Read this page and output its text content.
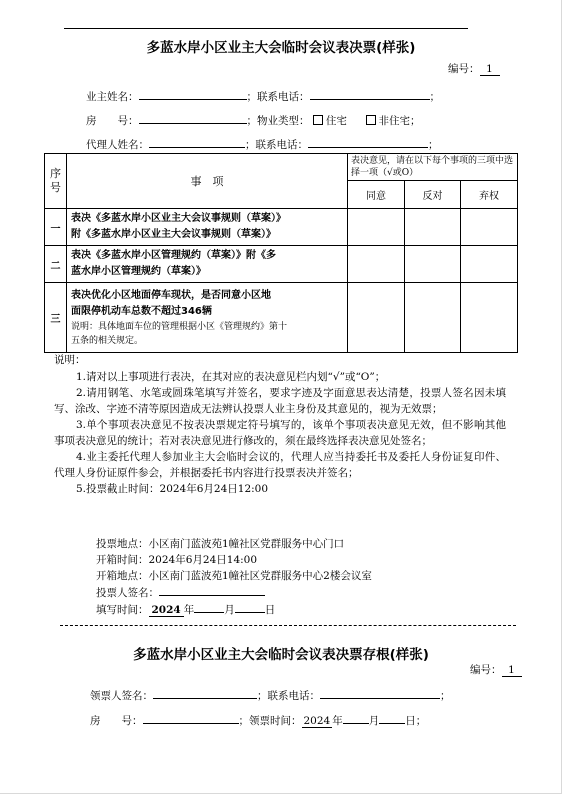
多蓝水岸小区业主大会临时会议表决票(样张)
编号： 1
业主姓名：	；联系电话：	；
房　　号：	；物业类型： 住宅	非住宅；
代理人姓名：	；联系电话：	；
序号	事　项	表决意见，请在以下每个事项的三项中选择一项（√或O）		
		同意	反对	弃权
一	表决《多蓝水岸小区业主大会议事规则（草案）》
附《多蓝水岸小区业主大会议事规则（草案）》			

二	表决《多蓝水岸小区管理规约（草案）》附《多
蓝水岸小区管理规约（草案）》			

三	表决优化小区地面停车现状，是否同意小区地
面限停机动车总数不超过346辆
说明：具体地面车位的管理根据小区《管理规约》第十
五条的相关规定。			

说明：

1.请对以上事项进行表决，在其对应的表决意见栏内划“√”或“O”；

2.请用钢笔、水笔或圆珠笔填写并签名，要求字迹及字面意思表达清楚，投票人签名因未填写、涂改、字迹不清等原因造成无法辨认投票人业主身份及其意见的，视为无效票；

3.单个事项表决意见不按表决票规定符号填写的，该单个事项表决意见无效，但不影响其他事项表决意见的统计；若对表决意见进行修改的，须在最终选择表决意见处签名；

4.业主委托代理人参加业主大会临时会议的，代理人应当持委托书及委托人身份证复印件、代理人身份证原件参会，并根据委托书内容进行投票表决并签名；

5.投票截止时间：2024年6月24日12:00

投票地点：小区南门蓝波苑1幢社区党群服务中心门口
开箱时间：2024年6月24日14:00
开箱地点：小区南门蓝波苑1幢社区党群服务中心2楼会议室
投票人签名：
填写时间： 2024 年	月	日
多蓝水岸小区业主大会临时会议表决票存根(样张)
编号： 1
领票人签名：	；联系电话：	；
房　　号：	；领票时间： 2024 年 月 日；
